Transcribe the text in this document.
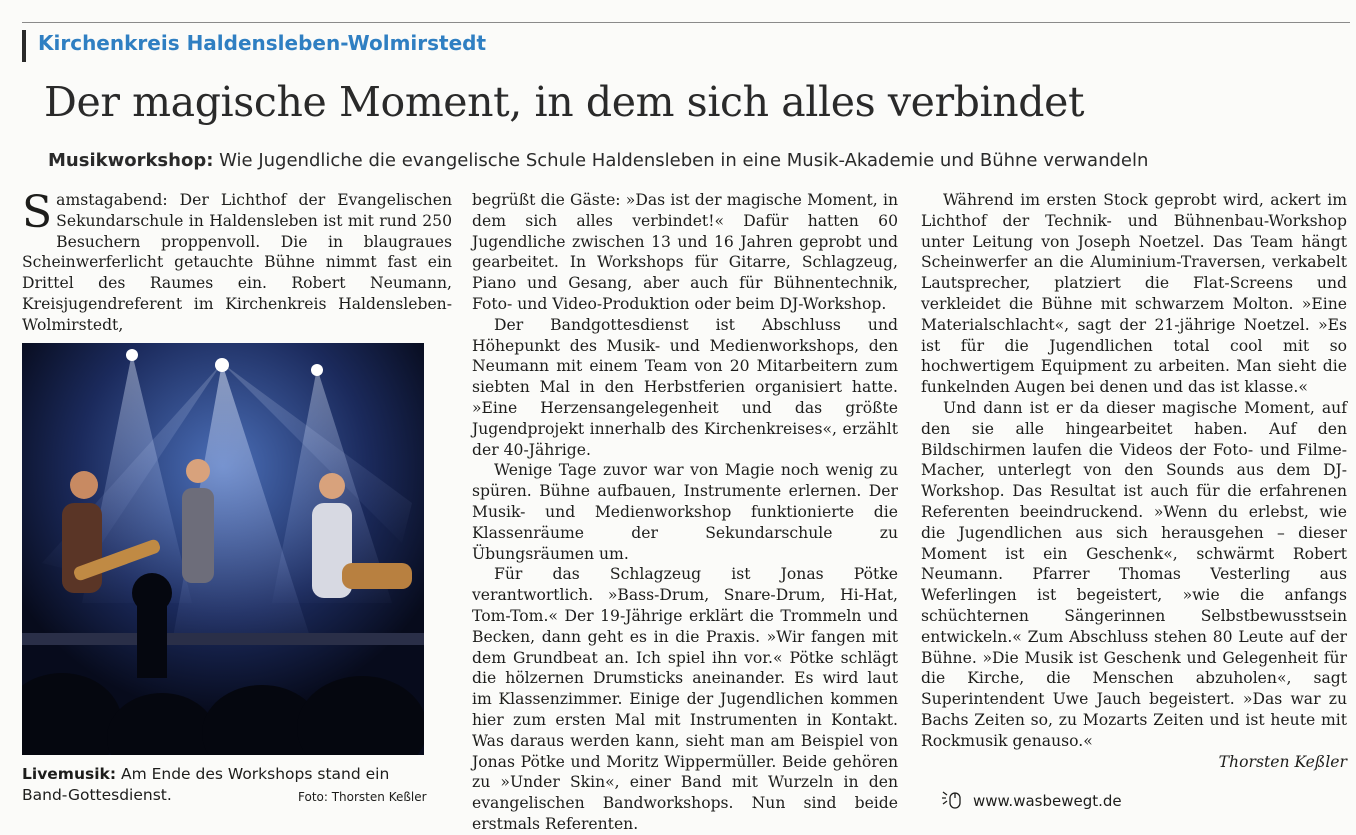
Kirchenkreis Haldensleben-Wolmirstedt
Der magische Moment, in dem sich alles verbindet
Musikworkshop: Wie Jugendliche die evangelische Schule Haldensleben in eine Musik-Akademie und Bühne verwandeln

Samstagabend: Der Lichthof der Evangelischen Sekundarschule in Haldensleben ist mit rund 250 Besuchern proppenvoll. Die in blaugraues Scheinwerferlicht getauchte Bühne nimmt fast ein Drittel des Raumes ein. Robert Neumann, Kreisjugendreferent im Kirchenkreis Haldensleben-Wolmirstedt,

Livemusik: Am Ende des Workshops stand ein Band-Gottesdienst.	Foto: Thorsten Keßler

begrüßt die Gäste: »Das ist der magische Moment, in dem sich alles verbindet!« Dafür hatten 60 Jugendliche zwischen 13 und 16 Jahren geprobt und gearbeitet. In Workshops für Gitarre, Schlagzeug, Piano und Gesang, aber auch für Bühnentechnik, Foto- und Video-Produktion oder beim DJ-Workshop.

Der Bandgottesdienst ist Abschluss und Höhepunkt des Musik- und Medienworkshops, den Neumann mit einem Team von 20 Mitarbeitern zum siebten Mal in den Herbstferien organisiert hatte. »Eine Herzensangelegenheit und das größte Jugendprojekt innerhalb des Kirchenkreises«, erzählt der 40-Jährige.

Wenige Tage zuvor war von Magie noch wenig zu spüren. Bühne aufbauen, Instrumente erlernen. Der Musik- und Medienworkshop funktionierte die Klassenräume der Sekundarschule zu Übungsräumen um.

Für das Schlagzeug ist Jonas Pötke verantwortlich. »Bass-Drum, Snare-Drum, Hi-Hat, Tom-Tom.« Der 19-Jährige erklärt die Trommeln und Becken, dann geht es in die Praxis. »Wir fangen mit dem Grundbeat an. Ich spiel ihn vor.« Pötke schlägt die hölzernen Drumsticks aneinander. Es wird laut im Klassenzimmer. Einige der Jugendlichen kommen hier zum ersten Mal mit Instrumenten in Kontakt. Was daraus werden kann, sieht man am Beispiel von Jonas Pötke und Moritz Wippermüller. Beide gehören zu »Under Skin«, einer Band mit Wurzeln in den evangelischen Bandworkshops. Nun sind beide erstmals Referenten.

Während im ersten Stock geprobt wird, ackert im Lichthof der Technik- und Bühnenbau-Workshop unter Leitung von Joseph Noetzel. Das Team hängt Scheinwerfer an die Aluminium-Traversen, verkabelt Lautsprecher, platziert die Flat-Screens und verkleidet die Bühne mit schwarzem Molton. »Eine Materialschlacht«, sagt der 21-jährige Noetzel. »Es ist für die Jugendlichen total cool mit so hochwertigem Equipment zu arbeiten. Man sieht die funkelnden Augen bei denen und das ist klasse.«

Und dann ist er da dieser magische Moment, auf den sie alle hingearbeitet haben. Auf den Bildschirmen laufen die Videos der Foto- und Filme-Macher, unterlegt von den Sounds aus dem DJ-Workshop. Das Resultat ist auch für die erfahrenen Referenten beeindruckend. »Wenn du erlebst, wie die Jugendlichen aus sich herausgehen – dieser Moment ist ein Geschenk«, schwärmt Robert Neumann. Pfarrer Thomas Vesterling aus Weferlingen ist begeistert, »wie die anfangs schüchternen Sängerinnen Selbstbewusstsein entwickeln.« Zum Abschluss stehen 80 Leute auf der Bühne. »Die Musik ist Geschenk und Gelegenheit für die Kirche, die Menschen abzuholen«, sagt Superintendent Uwe Jauch begeistert. »Das war zu Bachs Zeiten so, zu Mozarts Zeiten und ist heute mit Rockmusik genauso.«

Thorsten Keßler

www.wasbewegt.de
